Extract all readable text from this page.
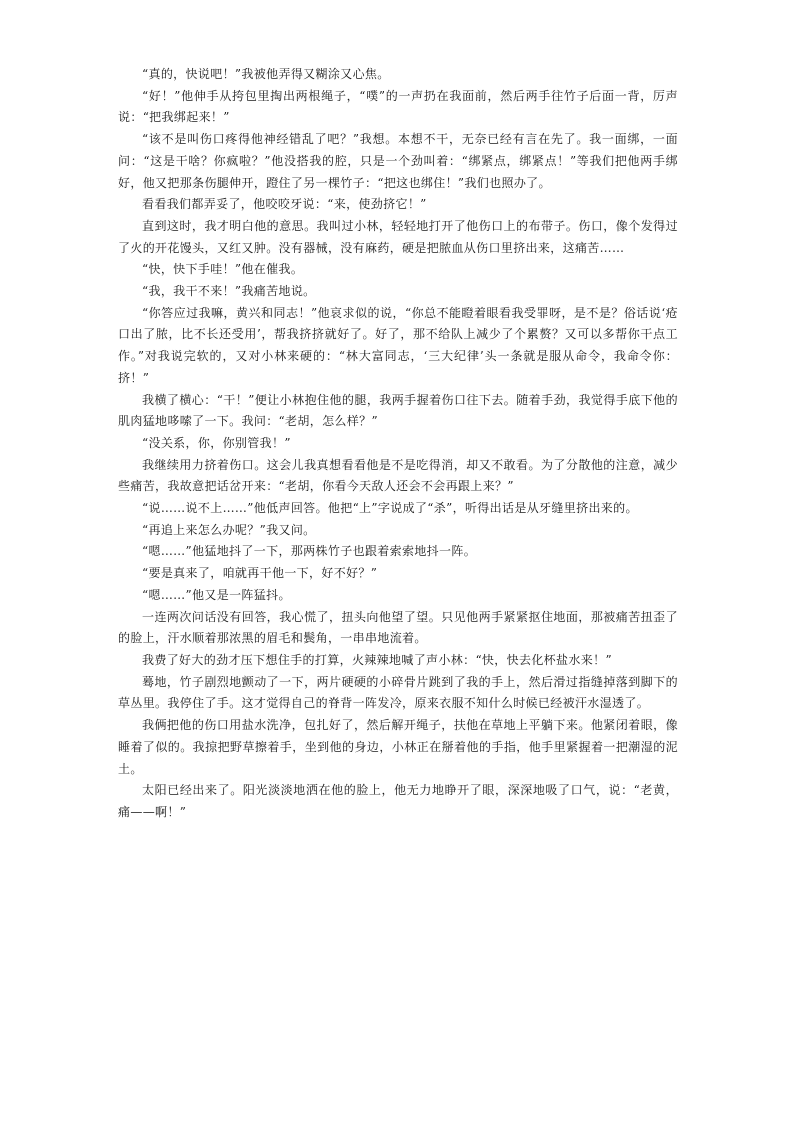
“真的，快说吧！”我被他弄得又糊涂又心焦。

“好！”他伸手从挎包里掏出两根绳子，“噗”的一声扔在我面前，然后两手往竹子后面一背，厉声说：“把我绑起来！”

“该不是叫伤口疼得他神经错乱了吧？”我想。本想不干，无奈已经有言在先了。我一面绑，一面问：“这是干啥？你疯啦？”他没搭我的腔，只是一个劲叫着：“绑紧点，绑紧点！”等我们把他两手绑好，他又把那条伤腿伸开，蹬住了另一棵竹子：“把这也绑住！”我们也照办了。

看看我们都弄妥了，他咬咬牙说：“来，使劲挤它！”

直到这时，我才明白他的意思。我叫过小林，轻轻地打开了他伤口上的布带子。伤口，像个发得过了火的开花馒头，又红又肿。没有器械，没有麻药，硬是把脓血从伤口里挤出来，这痛苦……

“快，快下手哇！”他在催我。

“我，我干不来！”我痛苦地说。

“你答应过我嘛，黄兴和同志！”他哀求似的说，“你总不能瞪着眼看我受罪呀，是不是？俗话说‘疮口出了脓，比不长还受用’，帮我挤挤就好了。好了，那不给队上减少了个累赘？又可以多帮你干点工作。”对我说完软的，又对小林来硬的：“林大富同志，‘三大纪律’头一条就是服从命令，我命令你：挤！”

我横了横心：“干！”便让小林抱住他的腿，我两手握着伤口往下去。随着手劲，我觉得手底下他的肌肉猛地哆嗦了一下。我问：“老胡，怎么样？”

“没关系，你，你别管我！”

我继续用力挤着伤口。这会儿我真想看看他是不是吃得消，却又不敢看。为了分散他的注意，减少些痛苦，我故意把话岔开来：“老胡，你看今天敌人还会不会再跟上来？”

“说……说不上……”他低声回答。他把“上”字说成了“杀”，听得出话是从牙缝里挤出来的。

“再追上来怎么办呢？”我又问。

“嗯……”他猛地抖了一下，那两株竹子也跟着索索地抖一阵。

“要是真来了，咱就再干他一下，好不好？”

“嗯……”他又是一阵猛抖。

一连两次问话没有回答，我心慌了，扭头向他望了望。只见他两手紧紧抠住地面，那被痛苦扭歪了的脸上，汗水顺着那浓黑的眉毛和鬓角，一串串地流着。

我费了好大的劲才压下想住手的打算，火辣辣地喊了声小林：“快，快去化杯盐水来！”

蓦地，竹子剧烈地颤动了一下，两片硬硬的小碎骨片跳到了我的手上，然后滑过指缝掉落到脚下的草丛里。我停住了手。这才觉得自己的脊背一阵发冷，原来衣服不知什么时候已经被汗水湿透了。

我俩把他的伤口用盐水洗净，包扎好了，然后解开绳子，扶他在草地上平躺下来。他紧闭着眼，像睡着了似的。我掠把野草擦着手，坐到他的身边，小林正在掰着他的手指，他手里紧握着一把潮湿的泥土。

太阳已经出来了。阳光淡淡地洒在他的脸上，他无力地睁开了眼，深深地吸了口气，说：“老黄，痛——啊！”
